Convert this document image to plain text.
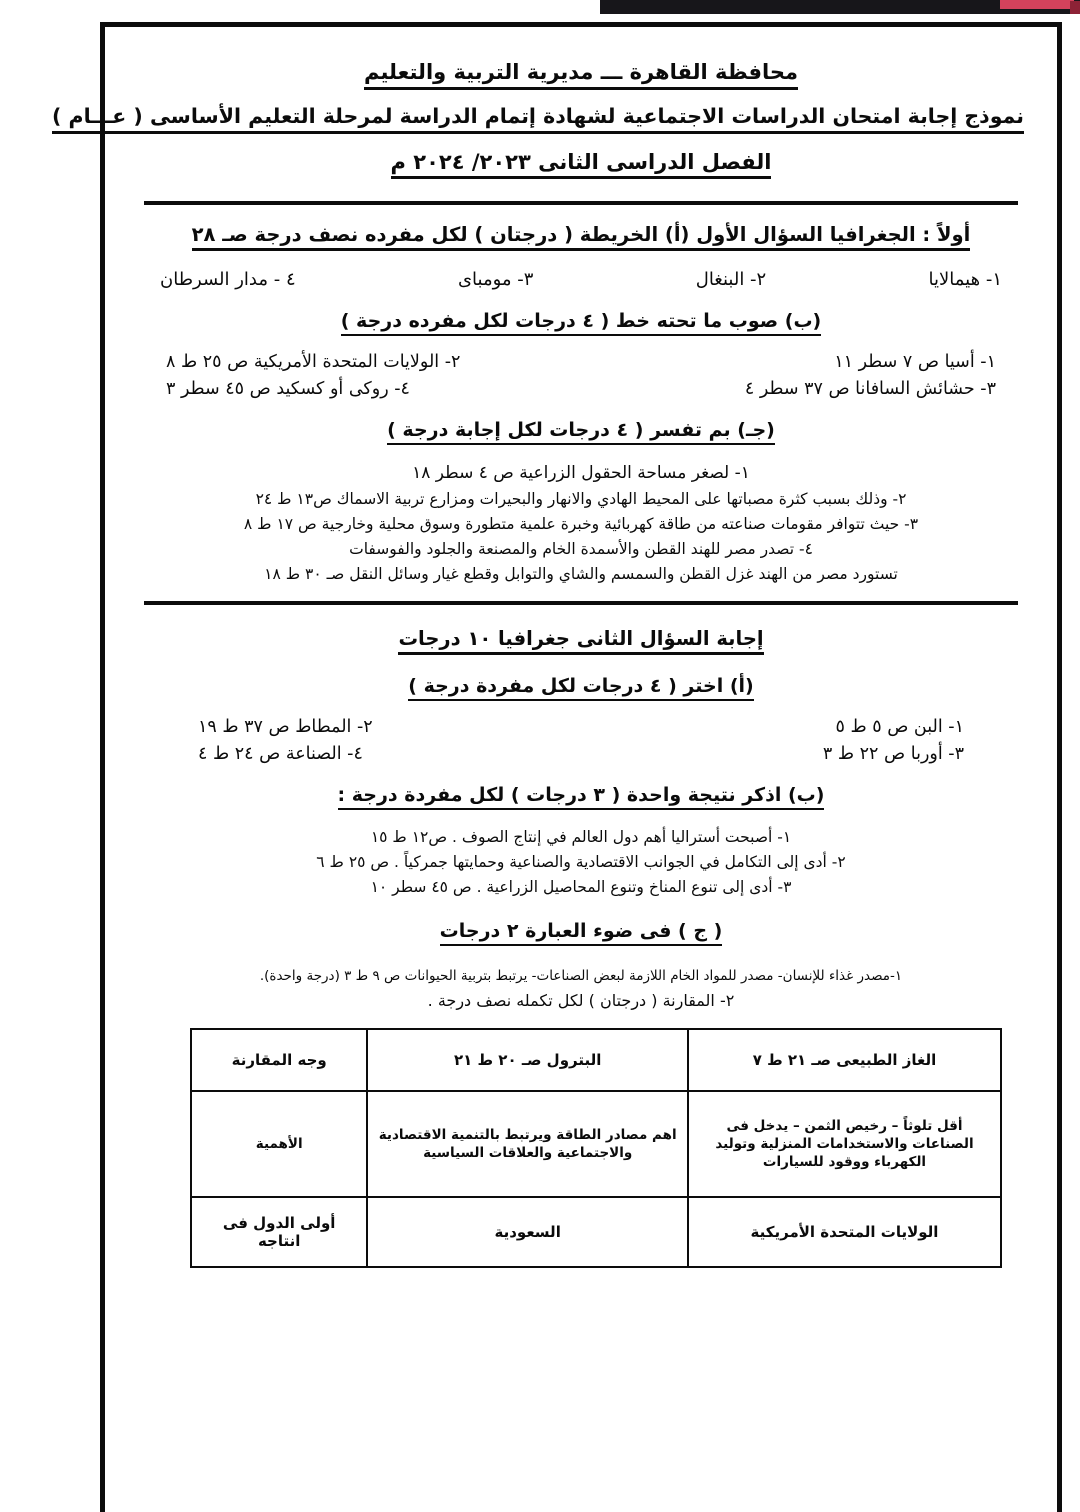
محافظة القاهرة ـــ مديرية التربية والتعليم
نموذج إجابة امتحان الدراسات الاجتماعية لشهادة إتمام الدراسة لمرحلة التعليم الأساسى ( عـــام )
الفصل الدراسى الثانى ٢٠٢٣/ ٢٠٢٤ م
أولاً : الجغرافيا السؤال الأول (أ) الخريطة ( درجتان ) لكل مفرده نصف درجة صـ ٢٨
١- هيمالايا
٢- البنغال
٣- مومباى
٤ - مدار السرطان
(ب) صوب ما تحته خط ( ٤ درجات لكل مفرده درجة )
١- أسيا ص ٧ سطر ١١
٢- الولايات المتحدة الأمريكية ص ٢٥ ط ٨
٣- حشائش السافانا ص ٣٧ سطر ٤
٤- روكى أو كسكيد ص ٤٥ سطر ٣
(جـ) بم تفسر ( ٤ درجات لكل إجابة درجة )
١- لصغر مساحة الحقول الزراعية ص ٤ سطر ١٨
٢- وذلك بسبب كثرة مصباتها على المحيط الهادي والانهار والبحيرات ومزارع تربية الاسماك ص١٣ ط ٢٤
٣- حيث تتوافر مقومات صناعته من طاقة كهربائية وخبرة علمية متطورة وسوق محلية وخارجية ص ١٧ ط ٨
٤- تصدر مصر للهند القطن والأسمدة الخام والمصنعة والجلود والفوسفات
تستورد مصر من الهند غزل القطن والسمسم والشاي والتوابل وقطع غيار وسائل النقل صـ ٣٠ ط ١٨
إجابة السؤال الثانى جغرافيا ١٠ درجات
(أ) اختر ( ٤ درجات لكل مفردة درجة )
١- البن ص ٥ ط ٥
٢- المطاط ص ٣٧ ط ١٩
٣- أوربا ص ٢٢ ط ٣
٤- الصناعة ص ٢٤ ط ٤
(ب) اذكر نتيجة واحدة ( ٣ درجات ) لكل مفردة درجة :
١- أصبحت أستراليا أهم دول العالم في إنتاج الصوف . ص١٢ ط ١٥
٢- أدى إلى التكامل في الجوانب الاقتصادية والصناعية وحمايتها جمركياً . ص ٢٥ ط ٦
٣- أدى إلى تنوع المناخ وتنوع المحاصيل الزراعية . ص ٤٥ سطر ١٠
( ج ) فى ضوء العبارة ٢ درجات
١-مصدر غذاء للإنسان- مصدر للمواد الخام اللازمة لبعض الصناعات- يرتبط بتربية الحيوانات ص ٩ ط ٣ (درجة واحدة).
٢- المقارنة ( درجتان ) لكل تكمله نصف درجة .
الغاز الطبيعى صـ ٢١ ط ٧	البترول صـ ٢٠ ط ٢١	وجه المقارنة
أقل تلوثاً – رخيص الثمن – يدخل فى الصناعات والاستخدامات المنزلية وتوليد الكهرباء ووقود للسيارات	اهم مصادر الطاقة ويرتبط بالتنمية الاقتصادية والاجتماعية والعلاقات السياسية	الأهمية
الولايات المتحدة الأمريكية	السعودية	أولى الدول فى انتاجه
